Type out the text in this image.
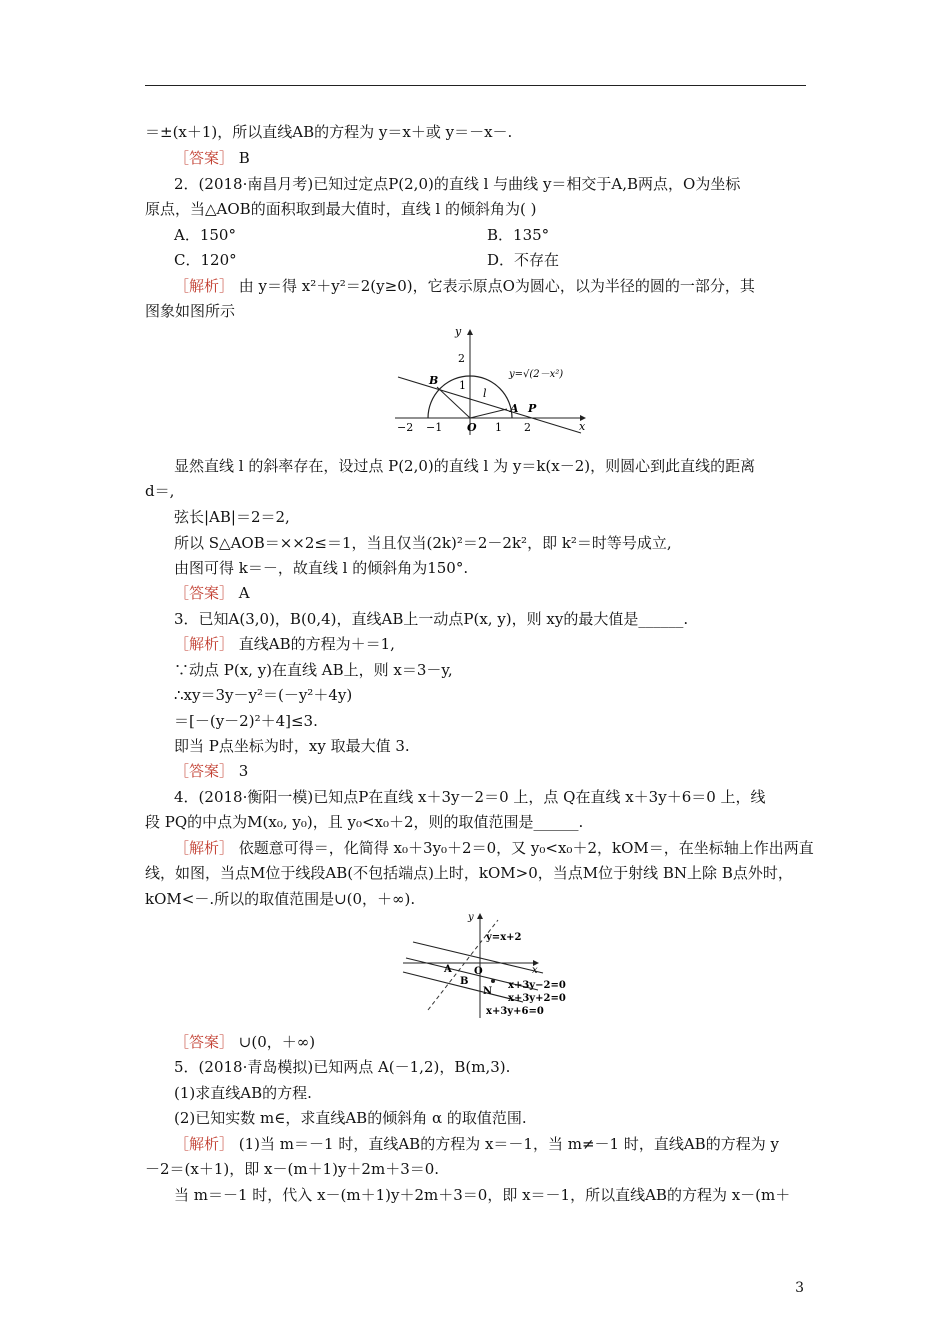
＝±(x＋1)，所以直线AB的方程为 y＝x＋或 y＝－x－.
［答案］ B
2．(2018·南昌月考)已知过定点P(2,0)的直线 l 与曲线 y＝相交于A,B两点，O为坐标
原点，当△AOB的面积取到最大值时，直线 l 的倾斜角为( )
A．150°	B．135°
C．120°	D．不存在
［解析］ 由 y＝得 x²＋y²＝2(y≥0)，它表示原点O为圆心，以为半径的圆的一部分，其
图象如图所示
显然直线 l 的斜率存在，设过点 P(2,0)的直线 l 为 y＝k(x－2)，则圆心到此直线的距离
d＝,
弦长|AB|＝2＝2,
所以 S△AOB＝××2≤＝1，当且仅当(2k)²＝2－2k²，即 k²＝时等号成立,
由图可得 k＝－，故直线 l 的倾斜角为150°.
［答案］ A
3．已知A(3,0)，B(0,4)，直线AB上一动点P(x, y)，则 xy的最大值是______.
［解析］ 直线AB的方程为＋＝1,
∵动点 P(x, y)在直线 AB上，则 x＝3－y,
∴xy＝3y－y²＝(－y²＋4y)
＝[－(y－2)²＋4]≤3.
即当 P点坐标为时，xy 取最大值 3.
［答案］ 3
4．(2018·衡阳一模)已知点P在直线 x＋3y－2＝0 上，点 Q在直线 x＋3y＋6＝0 上，线
段 PQ的中点为M(x₀, y₀)，且 y₀<x₀＋2，则的取值范围是______.
［解析］ 依题意可得＝，化简得 x₀＋3y₀＋2＝0，又 y₀<x₀＋2，kOM＝，在坐标轴上作出两直
线，如图，当点M位于线段AB(不包括端点)上时，kOM>0，当点M位于射线 BN上除 B点外时，
kOM<－.所以的取值范围是∪(0，＋∞).
［答案］ ∪(0，＋∞)
5．(2018·青岛模拟)已知两点 A(－1,2)，B(m,3).
(1)求直线AB的方程.
(2)已知实数 m∈，求直线AB的倾斜角 α 的取值范围.
［解析］ (1)当 m＝－1 时，直线AB的方程为 x＝－1，当 m≠－1 时，直线AB的方程为 y
－2＝(x＋1)，即 x－(m＋1)y＋2m＋3＝0.
当 m＝－1 时，代入 x－(m＋1)y＋2m＋3＝0，即 x＝－1，所以直线AB的方程为 x－(m＋
y
x
2
1
y=√(2－x²)
B
l
A P
O
−2 −1	1 2
y
y=x+2
x
A O
B
N
x+3y−2=0
x+3y+2=0
x+3y+6=0
3
